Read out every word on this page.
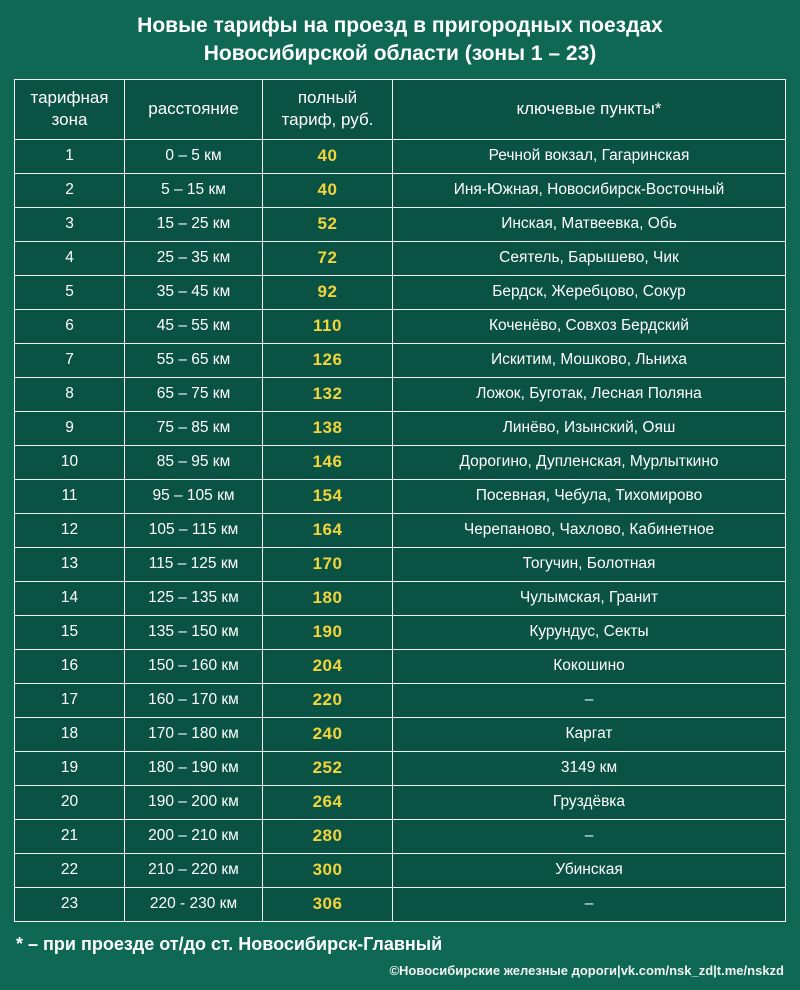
Новые тарифы на проезд в пригородных поездах Новосибирской области (зоны 1 – 23)
тарифная зона	расстояние	полный тариф, руб.	ключевые пункты*
1	0 – 5 км	40	Речной вокзал, Гагаринская
2	5 – 15 км	40	Иня-Южная, Новосибирск-Восточный
3	15 – 25 км	52	Инская, Матвеевка, Обь
4	25 – 35 км	72	Сеятель, Барышево, Чик
5	35 – 45 км	92	Бердск, Жеребцово, Сокур
6	45 – 55 км	110	Коченёво, Совхоз Бердский
7	55 – 65 км	126	Искитим, Мошково, Льниха
8	65 – 75 км	132	Ложок, Буготак, Лесная Поляна
9	75 – 85 км	138	Линёво, Изынский, Ояш
10	85 – 95 км	146	Дорогино, Дупленская, Мурлыткино
11	95 – 105 км	154	Посевная, Чебула, Тихомирово
12	105 – 115 км	164	Черепаново, Чахлово, Кабинетное
13	115 – 125 км	170	Тогучин, Болотная
14	125 – 135 км	180	Чулымская, Гранит
15	135 – 150 км	190	Курундус, Секты
16	150 – 160 км	204	Кокошино
17	160 – 170 км	220	–
18	170 – 180 км	240	Каргат
19	180 – 190 км	252	3149 км
20	190 – 200 км	264	Груздёвка
21	200 – 210 км	280	–
22	210 – 220 км	300	Убинская
23	220 - 230 км	306	–
* – при проезде от/до ст. Новосибирск-Главный
©Новосибирские железные дороги|vk.com/nsk_zd|t.me/nskzd
